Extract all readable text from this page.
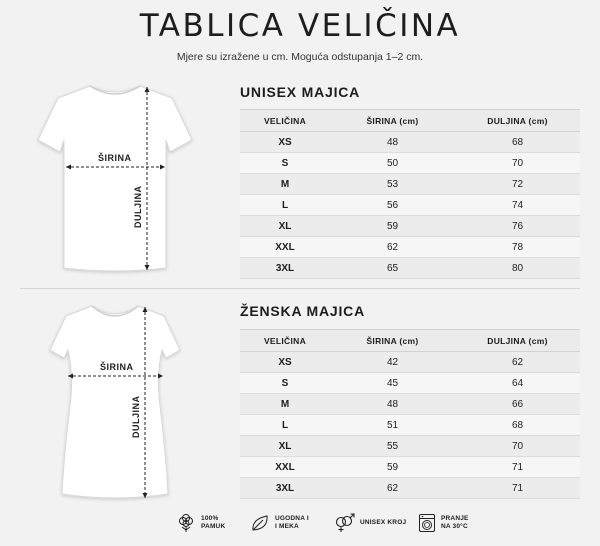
TABLICA VELIČINA
Mjere su izražene u cm. Moguća odstupanja 1–2 cm.
ŠIRINA
DULJINA
UNISEX MAJICA
VELIČINA	ŠIRINA (cm)	DULJINA (cm)
XS	48	68
S	50	70
M	53	72
L	56	74
XL	59	76
XXL	62	78
3XL	65	80
ŠIRINA
DULJINA
ŽENSKA MAJICA
VELIČINA	ŠIRINA (cm)	DULJINA (cm)
XS	42	62
S	45	64
M	48	66
L	51	68
XL	55	70
XXL	59	71
3XL	62	71
100%
PAMUK
UGODNA I
I MEKA
UNISEX KROJ
PRANJE
NA 30°C
